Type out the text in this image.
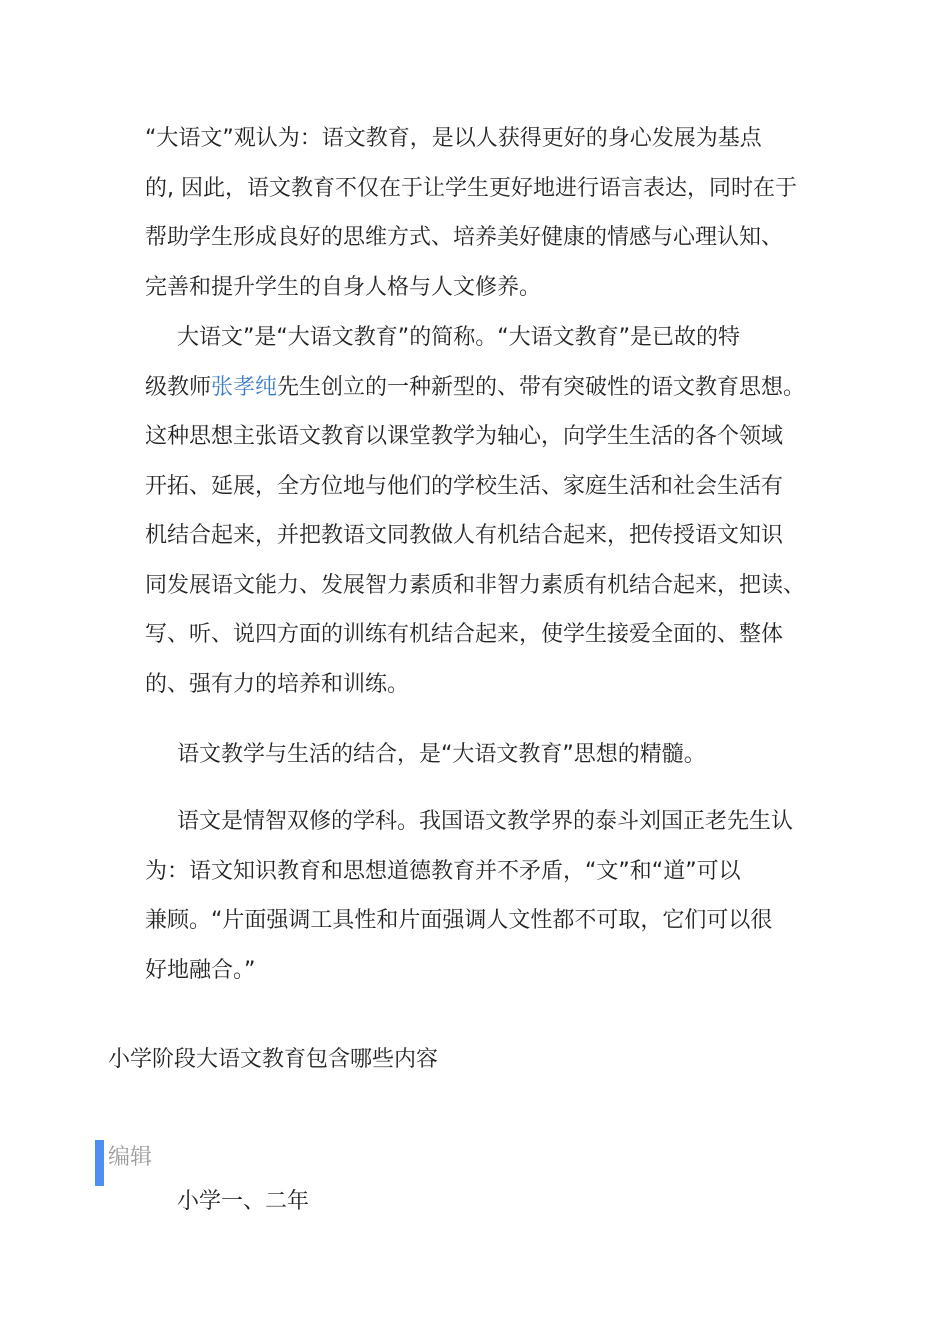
“大语文”观认为：语文教育，是以人获得更好的身心发展为基点
的, 因此，语文教育不仅在于让学生更好地进行语言表达，同时在于
帮助学生形成良好的思维方式、培养美好健康的情感与心理认知、
完善和提升学生的自身人格与人文修养。
大语文”是“大语文教育”的简称。“大语文教育”是已故的特
级教师张孝纯先生创立的一种新型的、带有突破性的语文教育思想。
这种思想主张语文教育以课堂教学为轴心，向学生生活的各个领域
开拓、延展，全方位地与他们的学校生活、家庭生活和社会生活有
机结合起来，并把教语文同教做人有机结合起来，把传授语文知识
同发展语文能力、发展智力素质和非智力素质有机结合起来，把读、
写、听、说四方面的训练有机结合起来，使学生接爱全面的、整体
的、强有力的培养和训练。
语文教学与生活的结合，是“大语文教育”思想的精髓。
语文是情智双修的学科。我国语文教学界的泰斗刘国正老先生认
为：语文知识教育和思想道德教育并不矛盾，“文”和“道”可以
兼顾。“片面强调工具性和片面强调人文性都不可取，它们可以很
好地融合。”
小学阶段大语文教育包含哪些内容
编辑
小学一、二年
